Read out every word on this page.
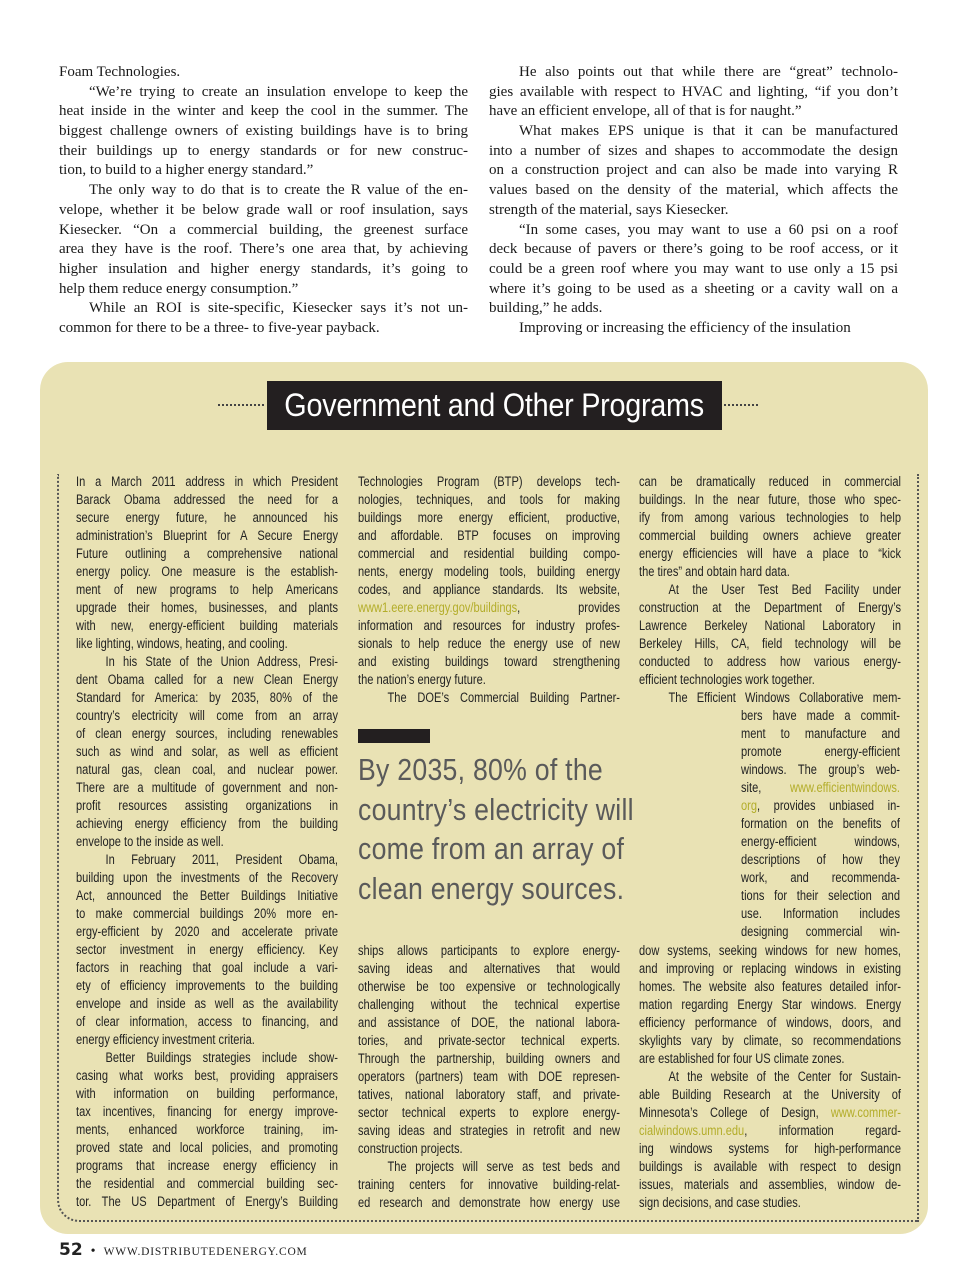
Foam Technologies.
“We’re trying to create an insulation envelope to keep the
heat inside in the winter and keep the cool in the summer. The
biggest challenge owners of existing buildings have is to bring
their buildings up to energy standards or for new construc-
tion, to build to a higher energy standard.”
The only way to do that is to create the R value of the en-
velope, whether it be below grade wall or roof insulation, says
Kiesecker. “On a commercial building, the greenest surface
area they have is the roof. There’s one area that, by achieving
higher insulation and higher energy standards, it’s going to
help them reduce energy consumption.”
While an ROI is site-specific, Kiesecker says it’s not un-
common for there to be a three- to five-year payback.
He also points out that while there are “great” technolo-
gies available with respect to HVAC and lighting, “if you don’t
have an efficient envelope, all of that is for naught.”
What makes EPS unique is that it can be manufactured
into a number of sizes and shapes to accommodate the design
on a construction project and can also be made into varying R
values based on the density of the material, which affects the
strength of the material, says Kiesecker.
“In some cases, you may want to use a 60 psi on a roof
deck because of pavers or there’s going to be roof access, or it
could be a green roof where you may want to use only a 15 psi
where it’s going to be used as a sheeting or a cavity wall on a
building,” he adds.
Improving or increasing the efficiency of the insulation
Government and Other Programs
In a March 2011 address in which President
Barack Obama addressed the need for a
secure energy future, he announced his
administration’s Blueprint for A Secure Energy
Future outlining a comprehensive national
energy policy. One measure is the establish-
ment of new programs to help Americans
upgrade their homes, businesses, and plants
with new, energy-efficient building materials
like lighting, windows, heating, and cooling.
In his State of the Union Address, Presi-
dent Obama called for a new Clean Energy
Standard for America: by 2035, 80% of the
country’s electricity will come from an array
of clean energy sources, including renewables
such as wind and solar, as well as efficient
natural gas, clean coal, and nuclear power.
There are a multitude of government and non-
profit resources assisting organizations in
achieving energy efficiency from the building
envelope to the inside as well.
In February 2011, President Obama,
building upon the investments of the Recovery
Act, announced the Better Buildings Initiative
to make commercial buildings 20% more en-
ergy-efficient by 2020 and accelerate private
sector investment in energy efficiency. Key
factors in reaching that goal include a vari-
ety of efficiency improvements to the building
envelope and inside as well as the availability
of clear information, access to financing, and
energy efficiency investment criteria.
Better Buildings strategies include show-
casing what works best, providing appraisers
with information on building performance,
tax incentives, financing for energy improve-
ments, enhanced workforce training, im-
proved state and local policies, and promoting
programs that increase energy efficiency in
the residential and commercial building sec-
tor. The US Department of Energy’s Building
Technologies Program (BTP) develops tech-
nologies, techniques, and tools for making
buildings more energy efficient, productive,
and affordable. BTP focuses on improving
commercial and residential building compo-
nents, energy modeling tools, building energy
codes, and appliance standards. Its website,
www1.eere.energy.gov/buildings, provides
information and resources for industry profes-
sionals to help reduce the energy use of new
and existing buildings toward strengthening
the nation’s energy future.
The DOE’s Commercial Building Partner-
ships allows participants to explore energy-
saving ideas and alternatives that would
otherwise be too expensive or technologically
challenging without the technical expertise
and assistance of DOE, the national labora-
tories, and private-sector technical experts.
Through the partnership, building owners and
operators (partners) team with DOE represen-
tatives, national laboratory staff, and private-
sector technical experts to explore energy-
saving ideas and strategies in retrofit and new
construction projects.
The projects will serve as test beds and
training centers for innovative building-relat-
ed research and demonstrate how energy use
can be dramatically reduced in commercial
buildings. In the near future, those who spec-
ify from among various technologies to help
commercial building owners achieve greater
energy efficiencies will have a place to “kick
the tires” and obtain hard data.
At the User Test Bed Facility under
construction at the Department of Energy’s
Lawrence Berkeley National Laboratory in
Berkeley Hills, CA, field technology will be
conducted to address how various energy-
efficient technologies work together.
The Efficient Windows Collaborative mem-
bers have made a commit-
ment to manufacture and
promote energy-efficient
windows. The group’s web-
site, www.efficientwindows.
org, provides unbiased in-
formation on the benefits of
energy-efficient windows,
descriptions of how they
work, and recommenda-
tions for their selection and
use. Information includes
designing commercial win-
dow systems, seeking windows for new homes,
and improving or replacing windows in existing
homes. The website also features detailed infor-
mation regarding Energy Star windows. Energy
efficiency performance of windows, doors, and
skylights vary by climate, so recommendations
are established for four US climate zones.
At the website of the Center for Sustain-
able Building Research at the University of
Minnesota’s College of Design, www.commer-
cialwindows.umn.edu, information regard-
ing windows systems for high-performance
buildings is available with respect to design
issues, materials and assemblies, window de-
sign decisions, and case studies.
By 2035, 80% of the
country’s electricity will
come from an array of
clean energy sources.
52 • WWW.DISTRIBUTEDENERGY.COM
